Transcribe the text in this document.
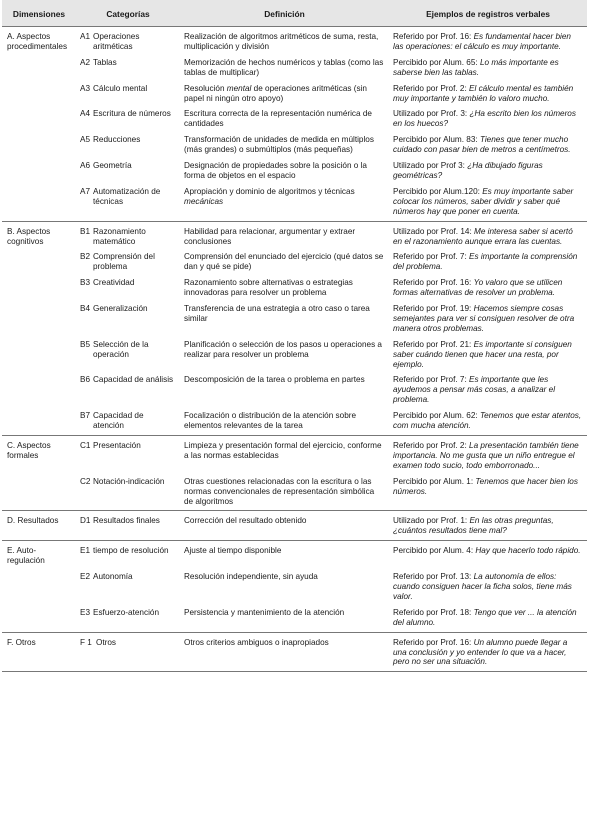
Dimensiones	Categorías	Definición	Ejemplos de registros verbales
A. Aspectos procedimentales	A1 Operaciones aritméticas	Realización de algoritmos aritméticos de suma, resta, multiplicación y división	Referido por Prof. 16: Es fundamental hacer bien las operaciones: el cálculo es muy importante.

	A2 Tablas	Memorización de hechos numéricos y tablas (como las tablas de multiplicar)	Percibido por Alum. 65: Lo más importante es saberse bien las tablas.

	A3 Cálculo mental	Resolución mental de operaciones aritméticas (sin papel ni ningún otro apoyo)	Referido por Prof. 2: El cálculo mental es también muy importante y también lo valoro mucho.

	A4 Escritura de números	Escritura correcta de la representación numérica de cantidades	Utilizado por Prof. 3: ¿Ha escrito bien los números en los huecos?

	A5 Reducciones	Transformación de unidades de medida en múltiplos (más grandes) o submúltiplos (más pequeñas)	Percibido por Alum. 83: Tienes que tener mucho cuidado con pasar bien de metros a centímetros.

	A6 Geometría	Designación de propiedades sobre la posición o la forma de objetos en el espacio	Utilizado por Prof 3: ¿Ha dibujado figuras geométricas?

	A7 Automatización de técnicas	Apropiación y dominio de algoritmos y técnicas mecánicas	Percibido por Alum.120: Es muy importante saber colocar los números, saber dividir y saber qué números hay que poner en cuenta.
B. Aspectos cognitivos	B1 Razonamiento matemático	Habilidad para relacionar, argumentar y extraer conclusiones	Utilizado por Prof. 14: Me interesa saber si acertó en el razonamiento aunque errara las cuentas.

	B2 Comprensión del problema	Comprensión del enunciado del ejercicio (qué datos se dan y qué se pide)	Referido por Prof. 7: Es importante la comprensión del problema.

	B3 Creatividad	Razonamiento sobre alternativas o estrategias innovadoras para resolver un problema	Referido por Prof. 16: Yo valoro que se utilicen formas alternativas de resolver un problema.

	B4 Generalización	Transferencia de una estrategia a otro caso o tarea similar	Referido por Prof. 19: Hacemos siempre cosas semejantes para ver si consiguen resolver de otra manera otros problemas.

	B5 Selección de la operación	Planificación o selección de los pasos u operaciones a realizar para resolver un problema	Referido por Prof. 21: Es importante si consiguen saber cuándo tienen que hacer una resta, por ejemplo.

	B6 Capacidad de análisis	Descomposición de la tarea o problema en partes	Referido por Prof. 7: Es importante que les ayudemos a pensar más cosas, a analizar el problema.

	B7 Capacidad de atención	Focalización o distribución de la atención sobre elementos relevantes de la tarea	Percibido por Alum. 62: Tenemos que estar atentos, com mucha atención.
C. Aspectos formales	C1 Presentación	Limpieza y presentación formal del ejercicio, conforme a las normas establecidas	Referido por Prof. 2: La presentación también tiene importancia. No me gusta que un niño entregue el examen todo sucio, todo emborronado...

	C2 Notación-indicación	Otras cuestiones relacionadas con la escritura o las normas convencionales de representación simbólica de algoritmos	Percibido por Alum. 1: Tenemos que hacer bien los números.
D. Resultados	D1 Resultados finales	Corrección del resultado obtenido	Utilizado por Prof. 1: En las otras preguntas, ¿cuántos resultados tiene mal?
E. Auto-regulación	E1 tiempo de resolución	Ajuste al tiempo disponible	Percibido por Alum. 4: Hay que hacerlo todo rápido.

	E2 Autonomía	Resolución independiente, sin ayuda	Referido por Prof. 13: La autonomía de ellos: cuando consiguen hacer la ficha solos, tiene más valor.

	E3 Esfuerzo-atención	Persistencia y mantenimiento de la atención	Referido por Prof. 18: Tengo que ver ... la atención del alumno.
F. Otros	F 1 Otros	Otros criterios ambiguos o inapropiados	Referido por Prof. 16: Un alumno puede llegar a una conclusión y yo entender lo que va a hacer, pero no ser una situación.
